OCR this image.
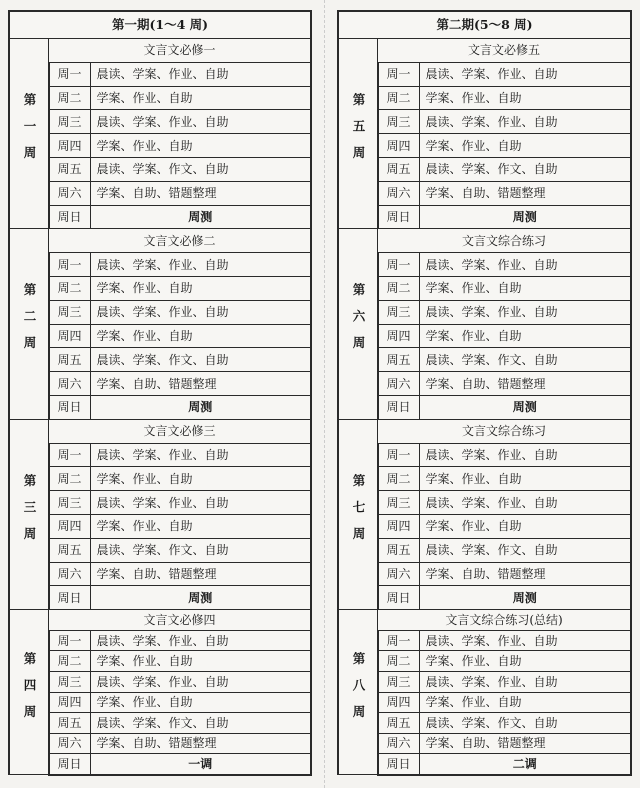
第一期(1～4 周)		
第一周	文言文必修一	
	周一	晨读、学案、作业、自助
	周二	学案、作业、自助
	周三	晨读、学案、作业、自助
	周四	学案、作业、自助
	周五	晨读、学案、作文、自助
	周六	学案、自助、错题整理
	周日	周测
第二周	文言文必修二	
	周一	晨读、学案、作业、自助
	周二	学案、作业、自助
	周三	晨读、学案、作业、自助
	周四	学案、作业、自助
	周五	晨读、学案、作文、自助
	周六	学案、自助、错题整理
	周日	周测
第三周	文言文必修三	
	周一	晨读、学案、作业、自助
	周二	学案、作业、自助
	周三	晨读、学案、作业、自助
	周四	学案、作业、自助
	周五	晨读、学案、作文、自助
	周六	学案、自助、错题整理
	周日	周测
第四周	文言文必修四	
	周一	晨读、学案、作业、自助
	周二	学案、作业、自助
	周三	晨读、学案、作业、自助
	周四	学案、作业、自助
	周五	晨读、学案、作文、自助
	周六	学案、自助、错题整理
	周日	一调
第二期(5～8 周)		
第五周	文言文必修五	
	周一	晨读、学案、作业、自助
	周二	学案、作业、自助
	周三	晨读、学案、作业、自助
	周四	学案、作业、自助
	周五	晨读、学案、作文、自助
	周六	学案、自助、错题整理
	周日	周测
第六周	文言文综合练习	
	周一	晨读、学案、作业、自助
	周二	学案、作业、自助
	周三	晨读、学案、作业、自助
	周四	学案、作业、自助
	周五	晨读、学案、作文、自助
	周六	学案、自助、错题整理
	周日	周测
第七周	文言文综合练习	
	周一	晨读、学案、作业、自助
	周二	学案、作业、自助
	周三	晨读、学案、作业、自助
	周四	学案、作业、自助
	周五	晨读、学案、作文、自助
	周六	学案、自助、错题整理
	周日	周测
第八周	文言文综合练习(总结)	
	周一	晨读、学案、作业、自助
	周二	学案、作业、自助
	周三	晨读、学案、作业、自助
	周四	学案、作业、自助
	周五	晨读、学案、作文、自助
	周六	学案、自助、错题整理
	周日	二调
